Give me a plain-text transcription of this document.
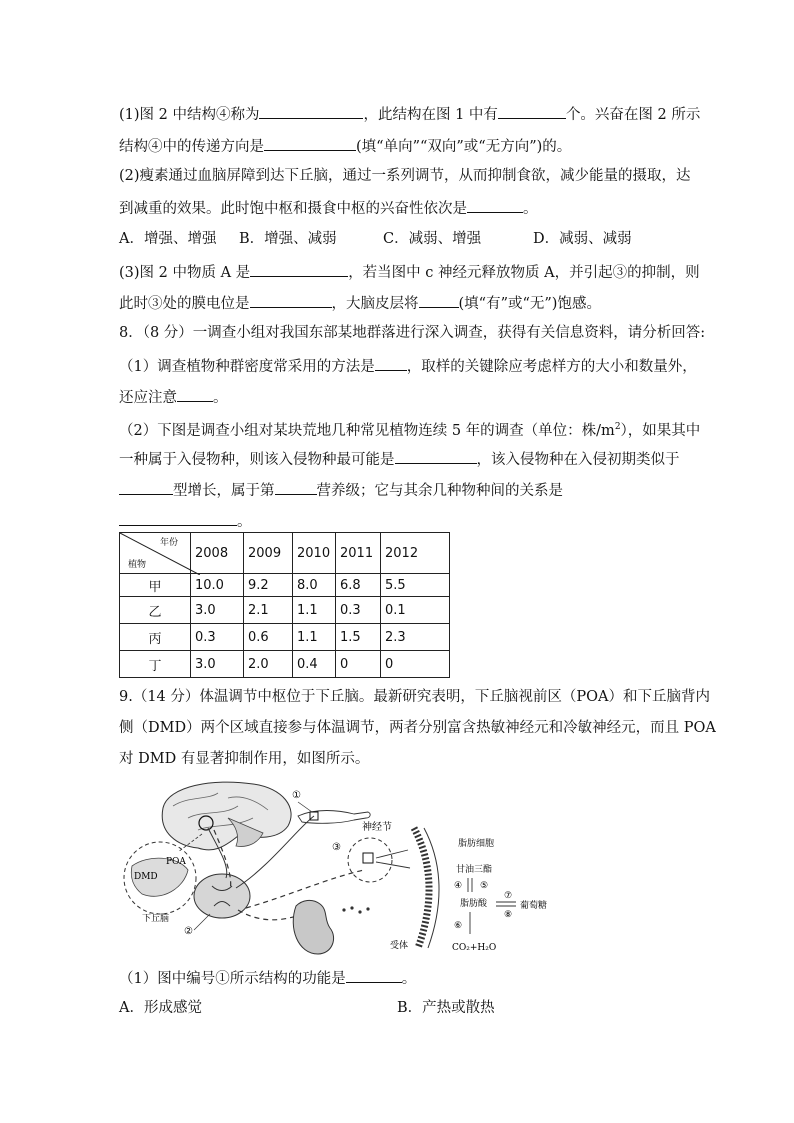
(1)图 2 中结构④称为	，此结构在图 1 中有	个。兴奋在图 2 所示
结构④中的传递方向是	(填“单向”“双向”或“无方向”)的。
(2)瘦素通过血脑屏障到达下丘脑，通过一系列调节，从而抑制食欲，减少能量的摄取，达
到减重的效果。此时饱中枢和摄食中枢的兴奋性依次是	。
A．增强、增强 B．增强、减弱	C．减弱、增强	D．减弱、减弱
(3)图 2 中物质 A 是	，若当图中 c 神经元释放物质 A，并引起③的抑制，则
此时③处的膜电位是	，大脑皮层将	(填“有”或“无”)饱感。
8．（8 分）一调查小组对我国东部某地群落进行深入调查，获得有关信息资料，请分析回答:
（1）调查植物种群密度常采用的方法是 ，取样的关键除应考虑样方的大小和数量外，
还应注意 。
（2）下图是调查小组对某块荒地几种常见植物连续 5 年的调查（单位：株$/m^2$），如果其中
一种属于入侵物种，则该入侵物种最可能是	，该入侵物种在入侵初期类似于
型增长，属于第	营养级；它与其余几种物种间的关系是
。
年份
植物	2008	2009	2010	2011	2012
甲	10.0	9.2	8.0	6.8	5.5
乙	3.0	2.1	1.1	0.3	0.1
丙	0.3	0.6	1.1	1.5	2.3
丁	3.0	2.0	0.4	0	0
9.（14 分）体温调节中枢位于下丘脑。最新研究表明，下丘脑视前区（POA）和下丘脑背内
侧（DMD）两个区域直接参与体温调节，两者分别富含热敏神经元和冷敏神经元，而且 POA
对 DMD 有显著抑制作用，如图所示。
POA
DMD
下丘脑
②
①
神经节
③
受体
脂肪细胞
甘油三酯
④ ⑤
脂肪酸
⑦
⑧
葡萄糖
⑥
CO₂+H₂O
（1）图中编号①所示结构的功能是	。
A．形成感觉	B．产热或散热
